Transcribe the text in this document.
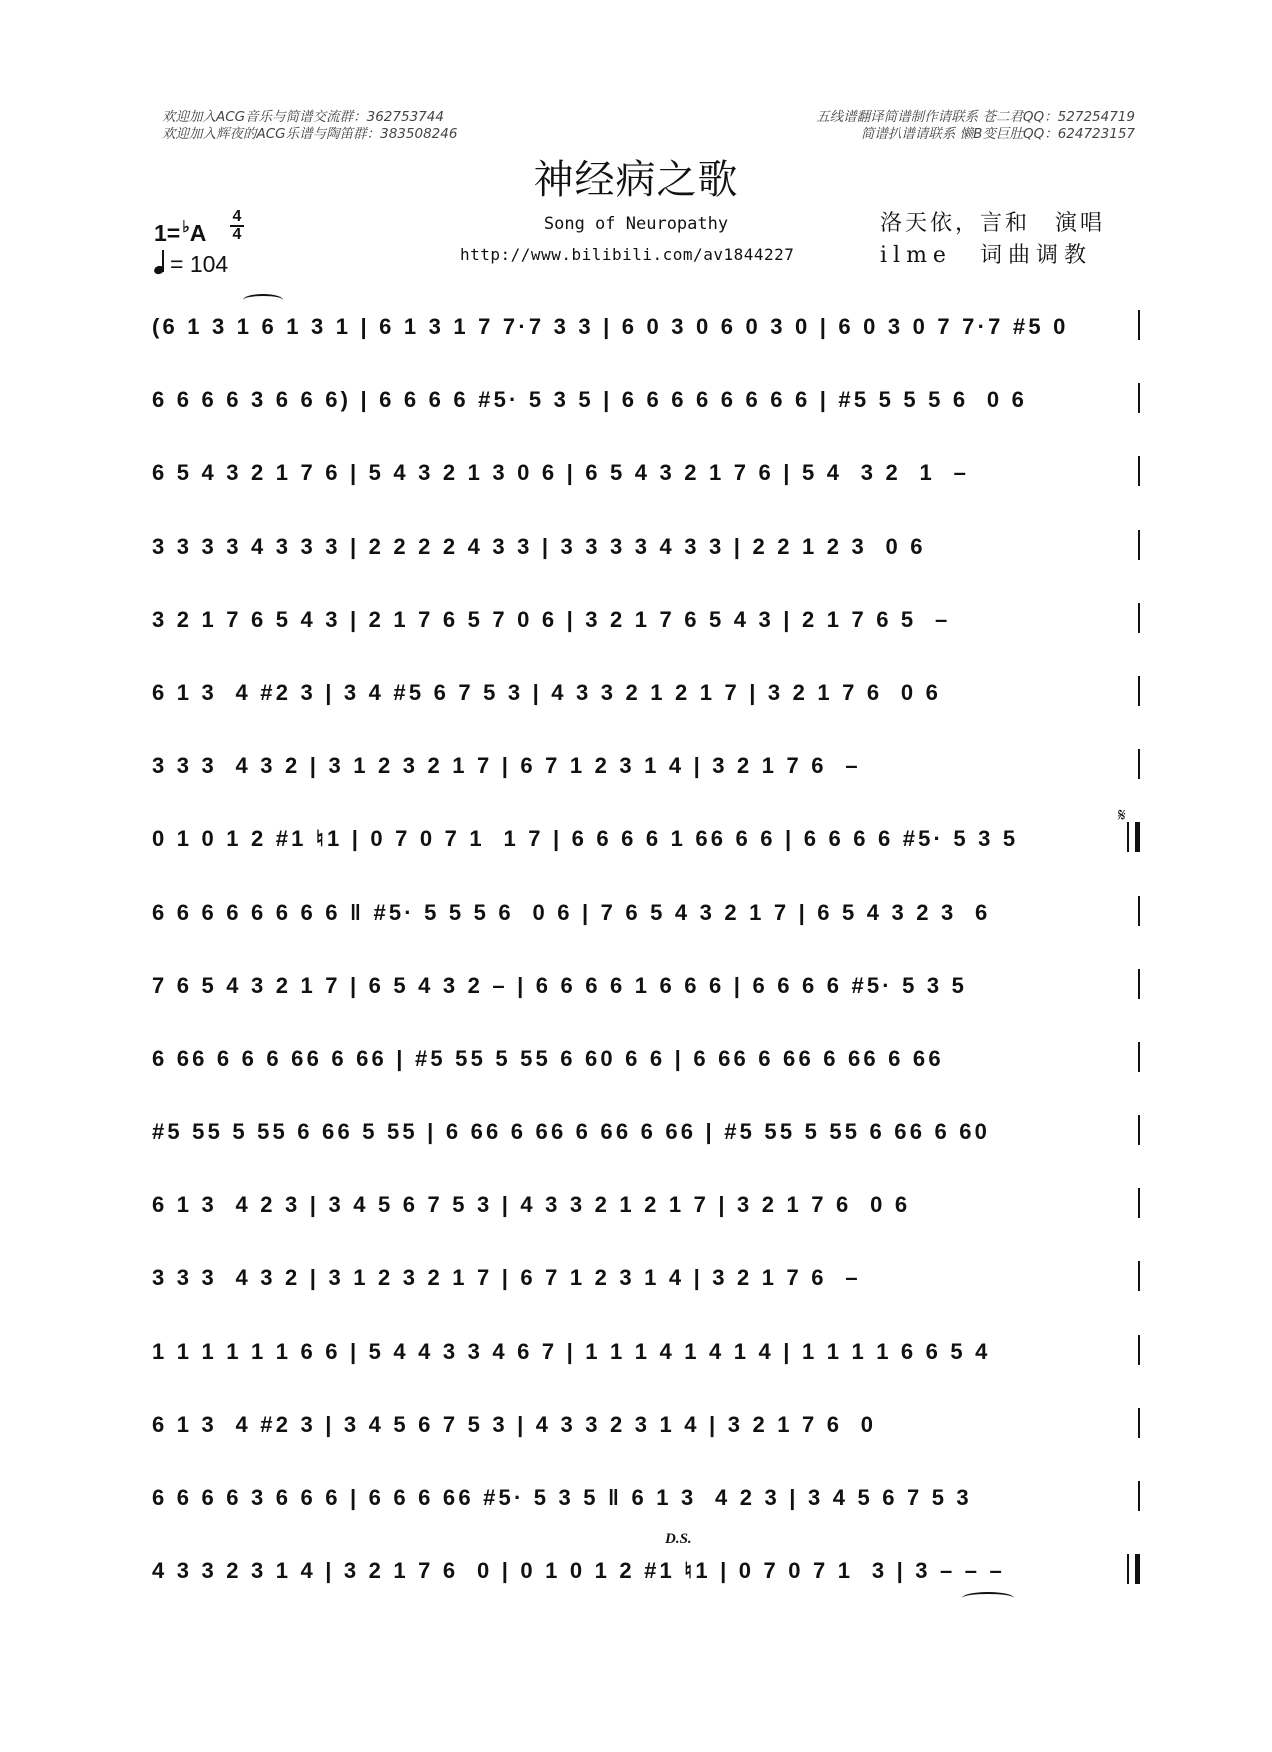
欢迎加入ACG音乐与简谱交流群：362753744
欢迎加入辉夜的ACG乐谱与陶笛群：383508246
五线谱翻译简谱制作请联系 苍二君QQ：527254719
简谱扒谱请联系 懒B变巨肚QQ：624723157
神经病之歌
Song of Neuropathy
http://www.bilibili.com/av1844227
洛天依，言和　演唱
ilme　词曲调教
1= ♭A
4
4
= 104
𝄋
(6 1 3 1 6 1 3 1 | 6 1 3 1 7 7·7 3 3 | 6 0 3 0 6 0 3 0 | 6 0 3 0 7 7·7 #5 0
6 6 6 6 3 6 6 6) | 6 6 6 6 #5· 5 3 5 | 6 6 6 6 6 6 6 6 | #5 5 5 5 6  0 6
6 5 4 3 2 1 7 6 | 5 4 3 2 1 3 0 6 | 6 5 4 3 2 1 7 6 | 5 4  3 2  1  –
3 3 3 3 4 3 3 3 | 2 2 2 2 4 3 3 | 3 3 3 3 4 3 3 | 2 2 1 2 3  0 6
3 2 1 7 6 5 4 3 | 2 1 7 6 5 7 0 6 | 3 2 1 7 6 5 4 3 | 2 1 7 6 5  –
6 1 3  4 #2 3 | 3 4 #5 6 7 5 3 | 4 3 3 2 1 2 1 7 | 3 2 1 7 6  0 6
3 3 3  4 3 2 | 3 1 2 3 2 1 7 | 6 7 1 2 3 1 4 | 3 2 1 7 6  –
0 1 0 1 2 #1 ♮1 | 0 7 0 7 1  1 7 | 6 6 6 6 1 66 6 6 | 6 6 6 6 #5· 5 3 5
6 6 6 6 6 6 6 6 ‖ #5· 5 5 5 6  0 6 | 7 6 5 4 3 2 1 7 | 6 5 4 3 2 3  6
7 6 5 4 3 2 1 7 | 6 5 4 3 2 – | 6 6 6 6 1 6 6 6 | 6 6 6 6 #5· 5 3 5
6 66 6 6 6 66 6 66 | #5 55 5 55 6 60 6 6 | 6 66 6 66 6 66 6 66
#5 55 5 55 6 66 5 55 | 6 66 6 66 6 66 6 66 | #5 55 5 55 6 66 6 60
6 1 3  4 2 3 | 3 4 5 6 7 5 3 | 4 3 3 2 1 2 1 7 | 3 2 1 7 6  0 6
3 3 3  4 3 2 | 3 1 2 3 2 1 7 | 6 7 1 2 3 1 4 | 3 2 1 7 6  –
1 1 1 1 1 1 6 6 | 5 4 4 3 3 4 6 7 | 1 1 1 4 1 4 1 4 | 1 1 1 1 6 6 5 4
6 1 3  4 #2 3 | 3 4 5 6 7 5 3 | 4 3 3 2 3 1 4 | 3 2 1 7 6  0
6 6 6 6 3 6 6 6 | 6 6 6 66 #5· 5 3 5 ‖ 6 1 3  4 2 3 | 3 4 5 6 7 5 3
4 3 3 2 3 1 4 | 3 2 1 7 6  0 | 0 1 0 1 2 #1 ♮1 | 0 7 0 7 1  3 | 3 – – –
D.S.
